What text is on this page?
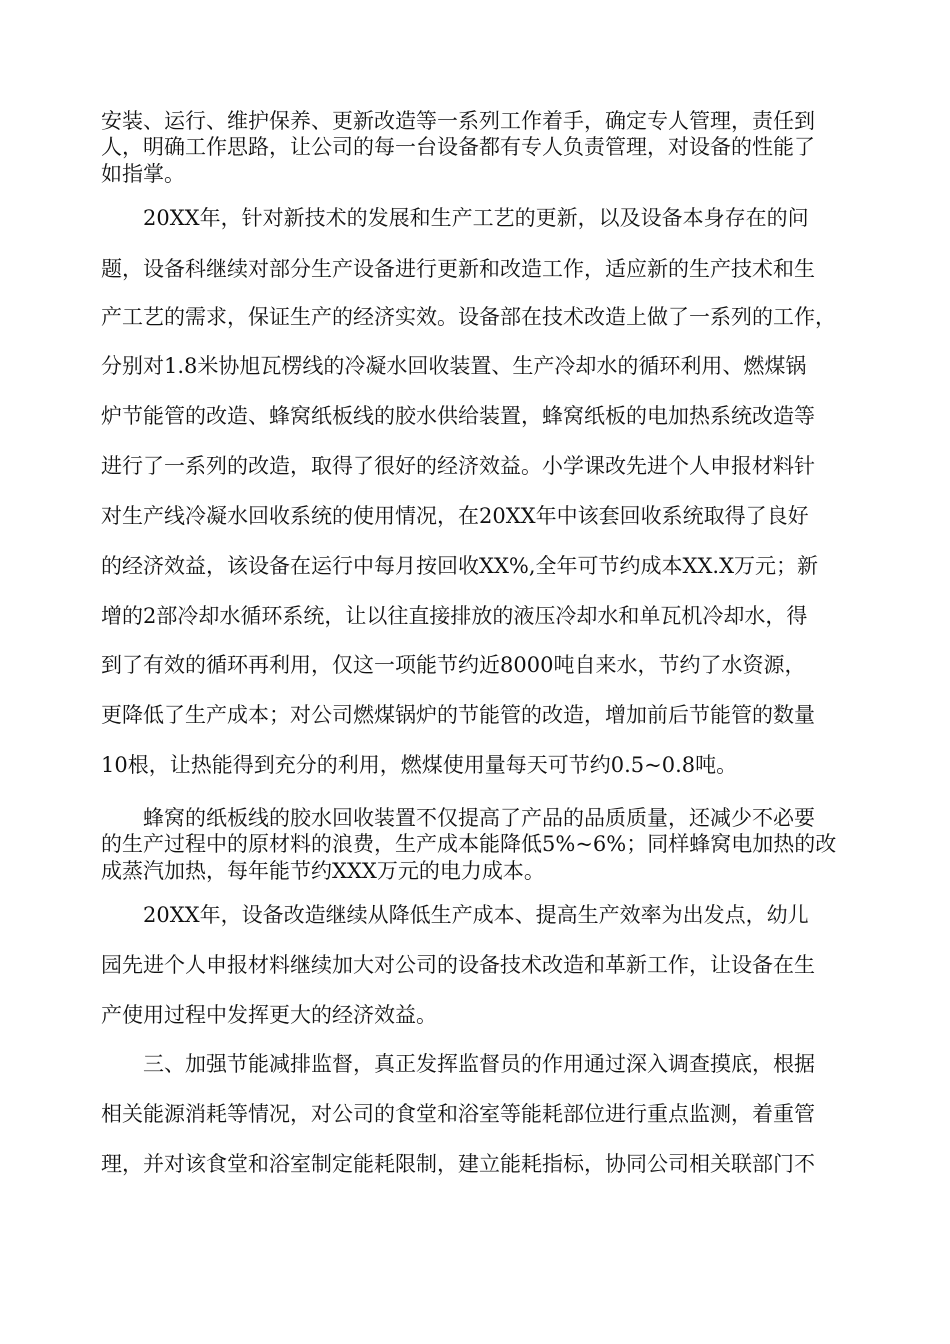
安装、运行、维护保养、更新改造等一系列工作着手，确定专人管理，责任到

人，明确工作思路，让公司的每一台设备都有专人负责管理，对设备的性能了

如指掌。

20XX年，针对新技术的发展和生产工艺的更新，以及设备本身存在的问

题，设备科继续对部分生产设备进行更新和改造工作，适应新的生产技术和生

产工艺的需求，保证生产的经济实效。设备部在技术改造上做了一系列的工作，

分别对1.8米协旭瓦楞线的冷凝水回收装置、生产冷却水的循环利用、燃煤锅

炉节能管的改造、蜂窝纸板线的胶水供给装置，蜂窝纸板的电加热系统改造等

进行了一系列的改造，取得了很好的经济效益。小学课改先进个人申报材料针

对生产线冷凝水回收系统的使用情况，在20XX年中该套回收系统取得了良好

的经济效益，该设备在运行中每月按回收XX%,全年可节约成本XX.X万元；新

增的2部冷却水循环系统，让以往直接排放的液压冷却水和单瓦机冷却水，得

到了有效的循环再利用，仅这一项能节约近8000吨自来水，节约了水资源，

更降低了生产成本；对公司燃煤锅炉的节能管的改造，增加前后节能管的数量

10根，让热能得到充分的利用，燃煤使用量每天可节约0.5~0.8吨。

蜂窝的纸板线的胶水回收装置不仅提高了产品的品质质量，还减少不必要

的生产过程中的原材料的浪费，生产成本能降低5%~6%；同样蜂窝电加热的改

成蒸汽加热，每年能节约XXX万元的电力成本。

20XX年，设备改造继续从降低生产成本、提高生产效率为出发点，幼儿

园先进个人申报材料继续加大对公司的设备技术改造和革新工作，让设备在生

产使用过程中发挥更大的经济效益。

三、加强节能减排监督，真正发挥监督员的作用通过深入调查摸底，根据

相关能源消耗等情况，对公司的食堂和浴室等能耗部位进行重点监测，着重管

理，并对该食堂和浴室制定能耗限制，建立能耗指标，协同公司相关联部门不
